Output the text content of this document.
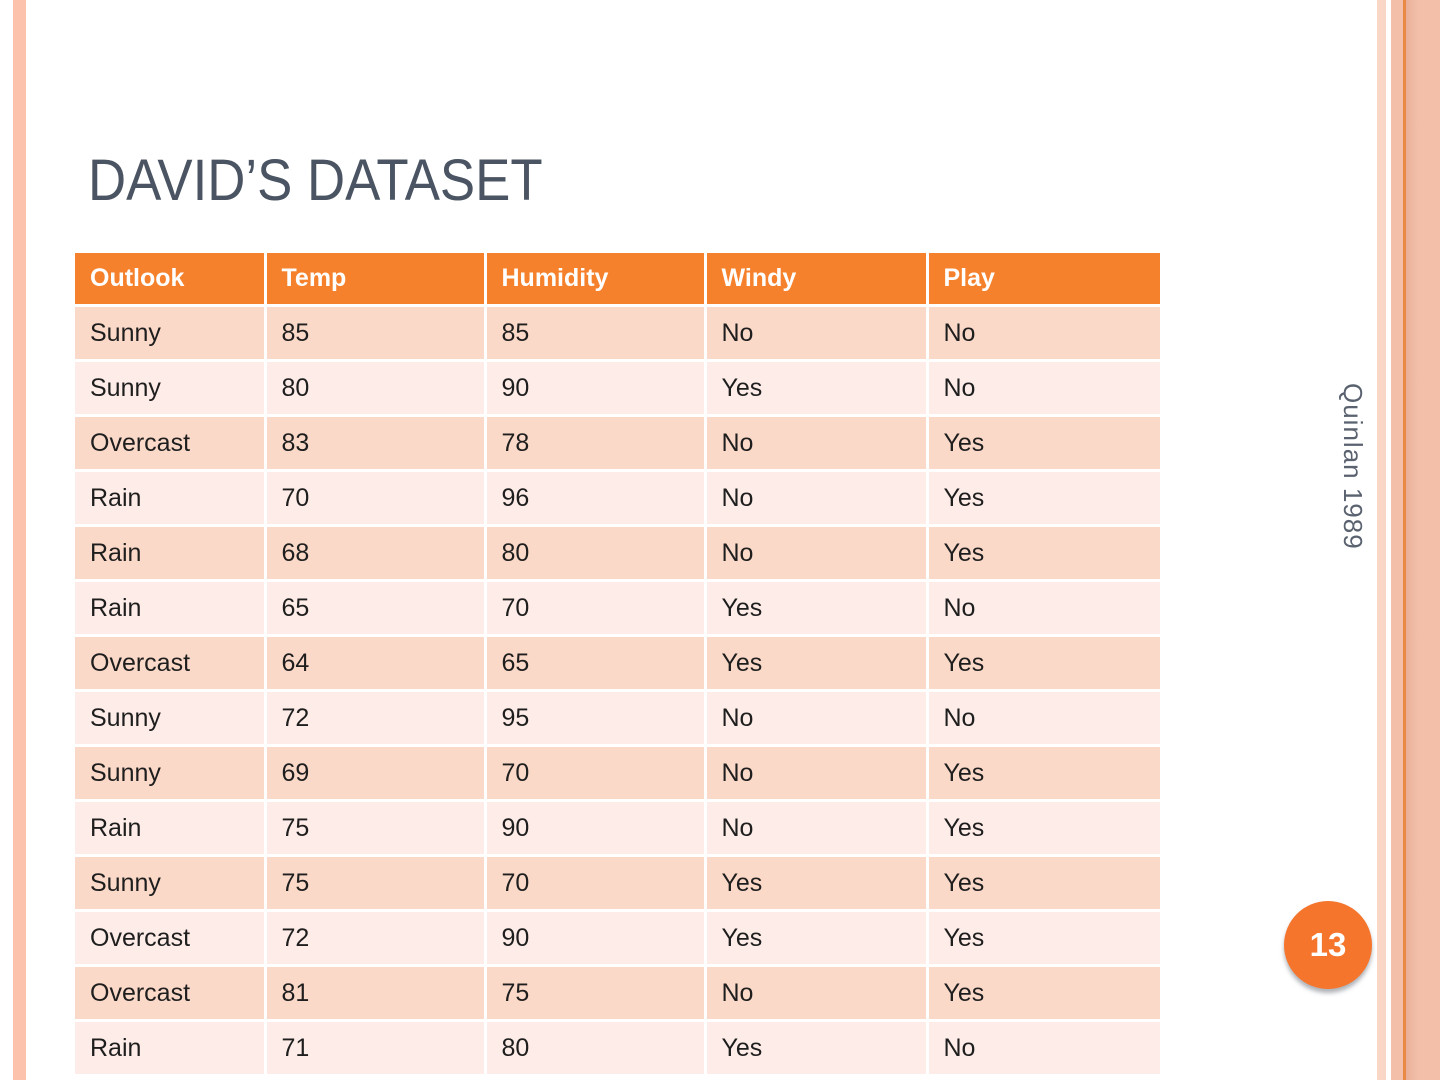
DAVID’S DATASET
Outlook	Temp	Humidity	Windy	Play
Sunny	85	85	No	No
Sunny	80	90	Yes	No
Overcast	83	78	No	Yes
Rain	70	96	No	Yes
Rain	68	80	No	Yes
Rain	65	70	Yes	No
Overcast	64	65	Yes	Yes
Sunny	72	95	No	No
Sunny	69	70	No	Yes
Rain	75	90	No	Yes
Sunny	75	70	Yes	Yes
Overcast	72	90	Yes	Yes
Overcast	81	75	No	Yes
Rain	71	80	Yes	No
Quinlan 1989
13
